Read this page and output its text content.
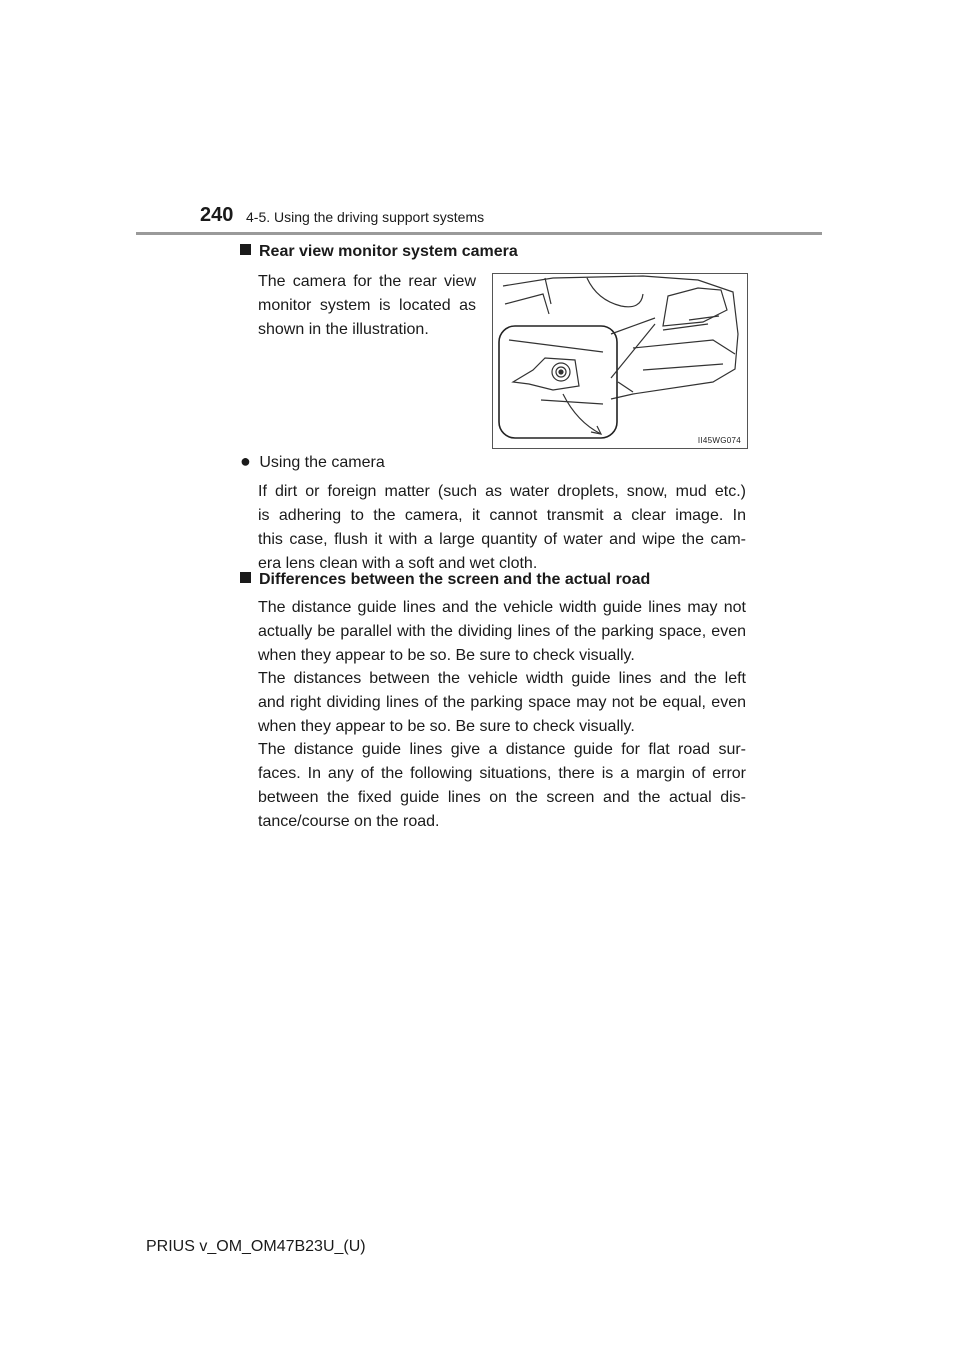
240 4-5. Using the driving support systems
Rear view monitor system camera
The camera for the rear view
monitor system is located as
shown in the illustration.
II45WG074
● Using the camera
If dirt or foreign matter (such as water droplets, snow, mud etc.)
is adhering to the camera, it cannot transmit a clear image. In
this case, flush it with a large quantity of water and wipe the cam-
era lens clean with a soft and wet cloth.
Differences between the screen and the actual road
The distance guide lines and the vehicle width guide lines may not
actually be parallel with the dividing lines of the parking space, even
when they appear to be so. Be sure to check visually.
The distances between the vehicle width guide lines and the left
and right dividing lines of the parking space may not be equal, even
when they appear to be so. Be sure to check visually.
The distance guide lines give a distance guide for flat road sur-
faces. In any of the following situations, there is a margin of error
between the fixed guide lines on the screen and the actual dis-
tance/course on the road.
PRIUS v_OM_OM47B23U_(U)
